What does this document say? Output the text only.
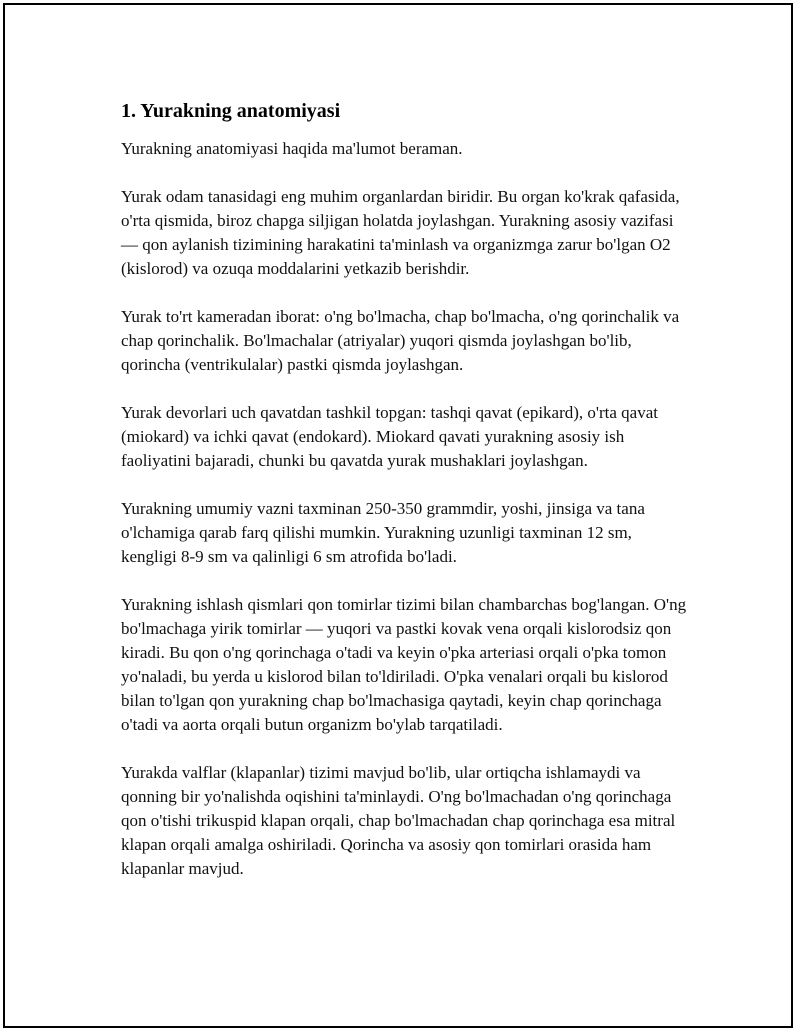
1. Yurakning anatomiyasi

Yurakning anatomiyasi haqida ma'lumot beraman.

Yurak odam tanasidagi eng muhim organlardan biridir. Bu organ ko'krak qafasida, o'rta qismida, biroz chapga siljigan holatda joylashgan. Yurakning asosiy vazifasi — qon aylanish tizimining harakatini ta'minlash va organizmga zarur bo'lgan O2 (kislorod) va ozuqa moddalarini yetkazib berishdir.

Yurak to'rt kameradan iborat: o'ng bo'lmacha, chap bo'lmacha, o'ng qorinchalik va chap qorinchalik. Bo'lmachalar (atriyalar) yuqori qismda joylashgan bo'lib, qorincha (ventrikulalar) pastki qismda joylashgan.

Yurak devorlari uch qavatdan tashkil topgan: tashqi qavat (epikard), o'rta qavat (miokard) va ichki qavat (endokard). Miokard qavati yurakning asosiy ish faoliyatini bajaradi, chunki bu qavatda yurak mushaklari joylashgan.

Yurakning umumiy vazni taxminan 250-350 grammdir, yoshi, jinsiga va tana o'lchamiga qarab farq qilishi mumkin. Yurakning uzunligi taxminan 12 sm, kengligi 8-9 sm va qalinligi 6 sm atrofida bo'ladi.

Yurakning ishlash qismlari qon tomirlar tizimi bilan chambarchas bog'langan. O'ng bo'lmachaga yirik tomirlar — yuqori va pastki kovak vena orqali kislorodsiz qon kiradi. Bu qon o'ng qorinchaga o'tadi va keyin o'pka arteriasi orqali o'pka tomon yo'naladi, bu yerda u kislorod bilan to'ldiriladi. O'pka venalari orqali bu kislorod bilan to'lgan qon yurakning chap bo'lmachasiga qaytadi, keyin chap qorinchaga o'tadi va aorta orqali butun organizm bo'ylab tarqatiladi.

Yurakda valflar (klapanlar) tizimi mavjud bo'lib, ular ortiqcha ishlamaydi va qonning bir yo'nalishda oqishini ta'minlaydi. O'ng bo'lmachadan o'ng qorinchaga qon o'tishi trikuspid klapan orqali, chap bo'lmachadan chap qorinchaga esa mitral klapan orqali amalga oshiriladi. Qorincha va asosiy qon tomirlari orasida ham klapanlar mavjud.
